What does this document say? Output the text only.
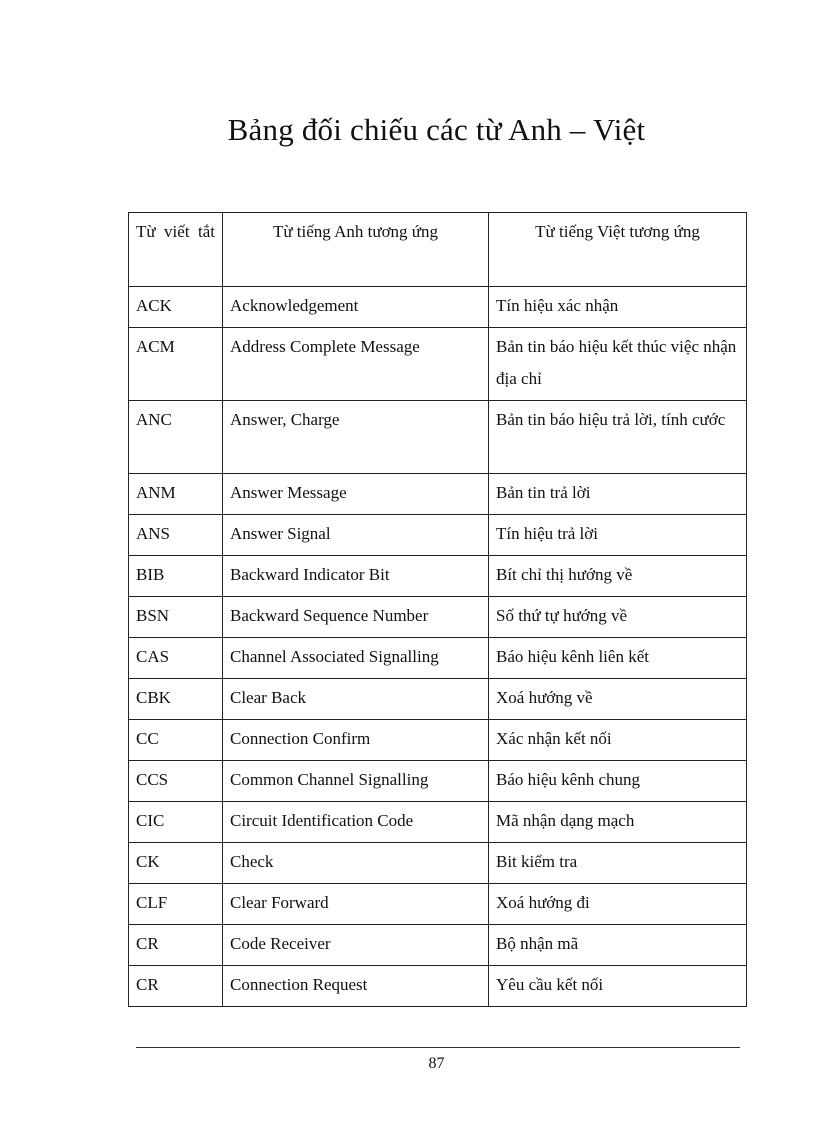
Bảng đối chiếu các từ Anh – Việt
Từ viết tắt	Từ tiếng Anh tương ứng	Từ tiếng Việt tương ứng
ACK	Acknowledgement	Tín hiệu xác nhận
ACM	Address Complete Message	Bản tin báo hiệu kết thúc việc nhận địa chỉ
ANC	Answer, Charge	Bản tin báo hiệu trả lời, tính cước
ANM	Answer Message	Bản tin trả lời
ANS	Answer Signal	Tín hiệu trả lời
BIB	Backward Indicator Bit	Bít chỉ thị hướng về
BSN	Backward Sequence Number	Số thứ tự hướng về
CAS	Channel Associated Signalling	Báo hiệu kênh liên kết
CBK	Clear Back	Xoá hướng về
CC	Connection Confirm	Xác nhận kết nối
CCS	Common Channel Signalling	Báo hiệu kênh chung
CIC	Circuit Identification Code	Mã nhận dạng mạch
CK	Check	Bit kiểm tra
CLF	Clear Forward	Xoá hướng đi
CR	Code Receiver	Bộ nhận mã
CR	Connection Request	Yêu cầu kết nối
87
